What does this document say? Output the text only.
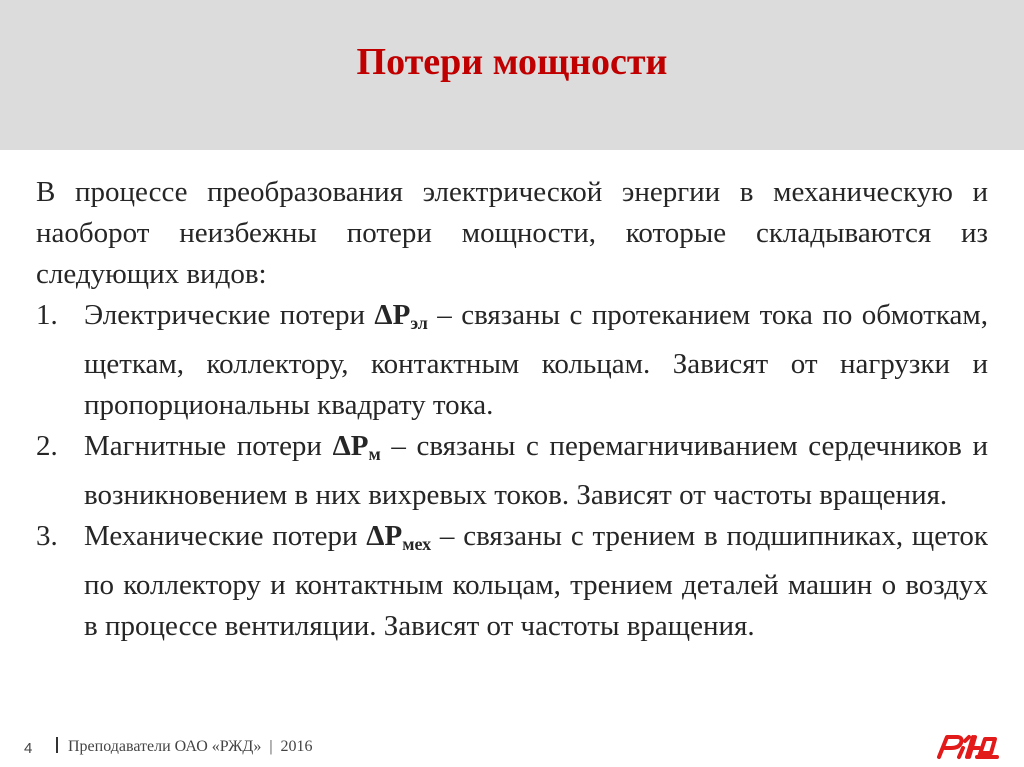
Потери мощности

В процессе преобразования электрической энергии в механическую и наоборот неизбежны потери мощности, которые складываются из следующих видов:

1. Электрические потери $\Delta P_{эл}$ – связаны с протеканием тока по обмоткам, щеткам, коллектору, контактным кольцам. Зависят от нагрузки и пропорциональны квадрату тока.
2. Магнитные потери $\Delta P_м$ – связаны с перемагничиванием сердечников и возникновением в них вихревых токов. Зависят от частоты вращения.
3. Механические потери $\Delta P_{мех}$ – связаны с трением в подшипниках, щеток по коллектору и контактным кольцам, трением деталей машин о воздух в процессе вентиляции. Зависят от частоты вращения.
4	Преподаватели ОАО «РЖД»  |  2016
